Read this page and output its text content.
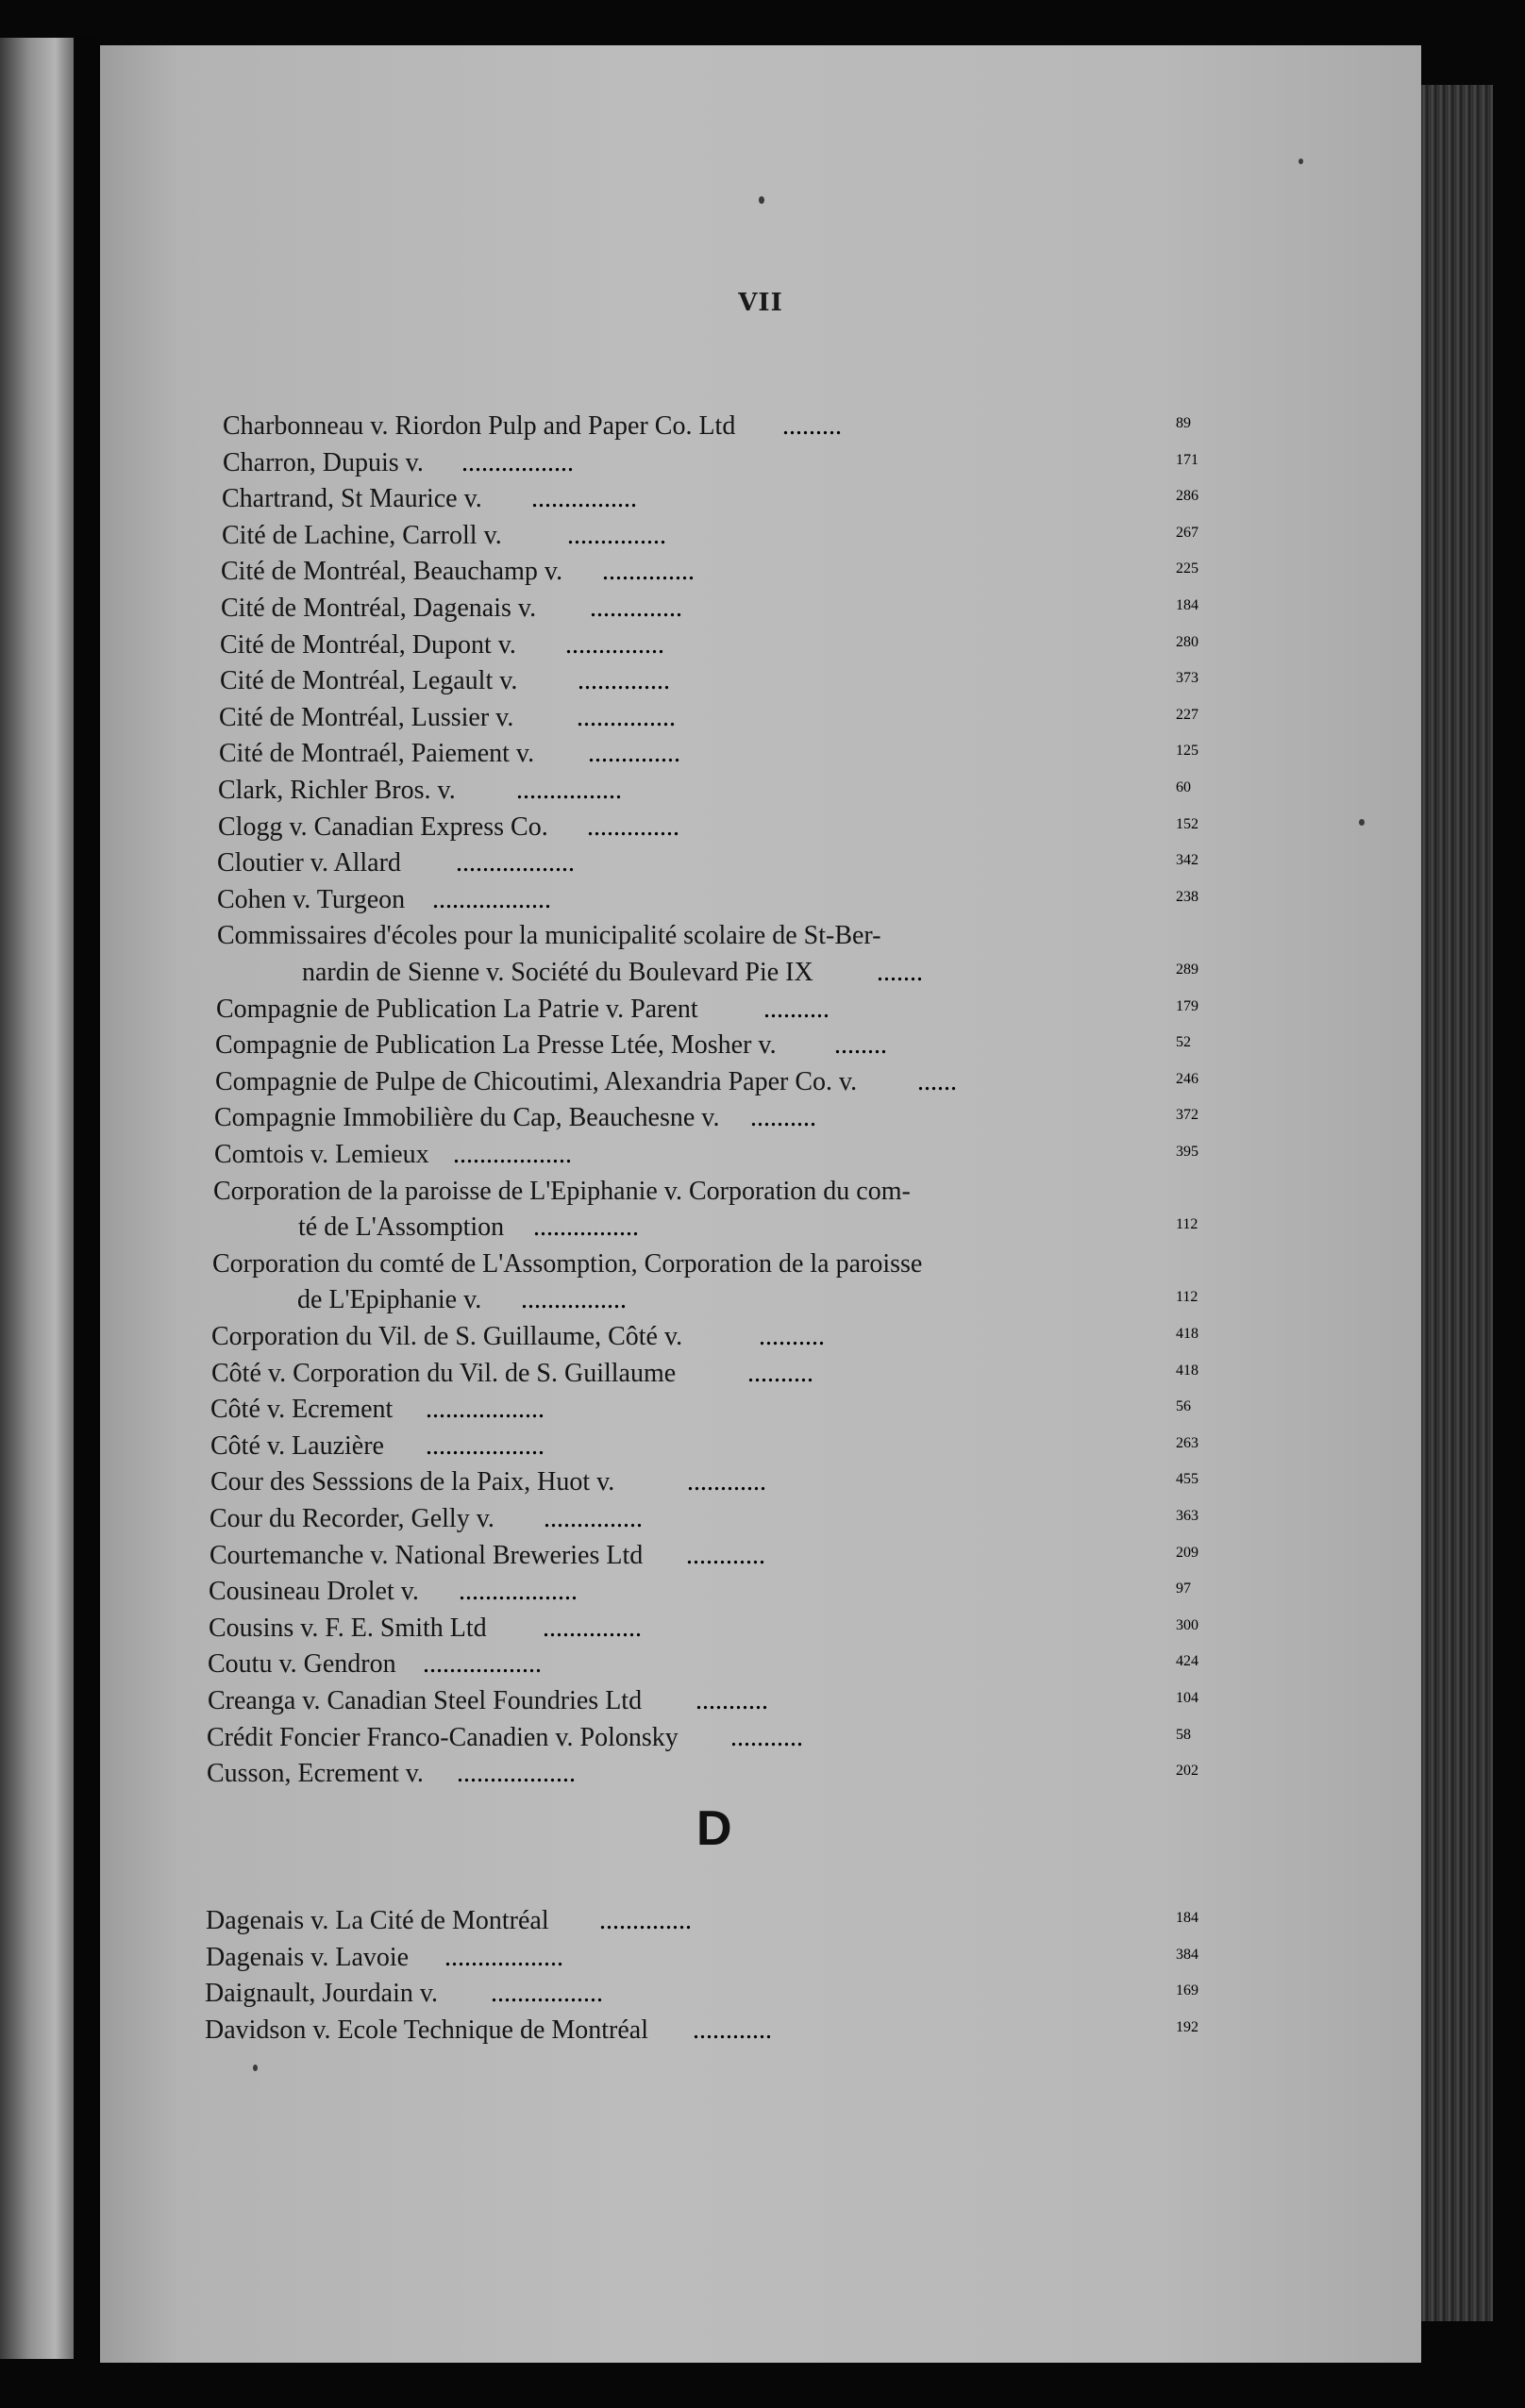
VII
Charbonneau v. Riordon Pulp and Paper Co. Ltd .........	89
Charron, Dupuis v. .................	171
Chartrand, St Maurice v. ................	286
Cité de Lachine, Carroll v. ...............	267
Cité de Montréal, Beauchamp v. ..............	225
Cité de Montréal, Dagenais v. ..............	184
Cité de Montréal, Dupont v. ...............	280
Cité de Montréal, Legault v. ..............	373
Cité de Montréal, Lussier v. ...............	227
Cité de Montraél, Paiement v. ..............	125
Clark, Richler Bros. v. ................	60
Clogg v. Canadian Express Co. ..............	152
Cloutier v. Allard ..................	342
Cohen v. Turgeon ..................	238
Commissaires d'écoles pour la municipalité scolaire de St-Ber-
nardin de Sienne v. Société du Boulevard Pie IX .......	289
Compagnie de Publication La Patrie v. Parent ..........	179
Compagnie de Publication La Presse Ltée, Mosher v. ........	52
Compagnie de Pulpe de Chicoutimi, Alexandria Paper Co. v. ......	246
Compagnie Immobilière du Cap, Beauchesne v. ..........	372
Comtois v. Lemieux ..................	395
Corporation de la paroisse de L'Epiphanie v. Corporation du com-
té de L'Assomption ................	112
Corporation du comté de L'Assomption, Corporation de la paroisse
de L'Epiphanie v. ................	112
Corporation du Vil. de S. Guillaume, Côté v.	..........	418
Côté v. Corporation du Vil. de S. Guillaume	..........	418
Côté v. Ecrement ..................	56
Côté v. Lauzière ..................	263
Cour des Sesssions de la Paix, Huot v.	............	455
Cour du Recorder, Gelly v. ...............	363
Courtemanche v. National Breweries Ltd ............	209
Cousineau Drolet v. ..................	97
Cousins v. F. E. Smith Ltd ...............	300
Coutu v. Gendron ..................	424
Creanga v. Canadian Steel Foundries Ltd ...........	104
Crédit Foncier Franco-Canadien v. Polonsky ...........	58
Cusson, Ecrement v. ..................	202
D
Dagenais v. La Cité de Montréal ..............	184
Dagenais v. Lavoie ..................	384
Daignault, Jourdain v. .................	169
Davidson v. Ecole Technique de Montréal ............	192
